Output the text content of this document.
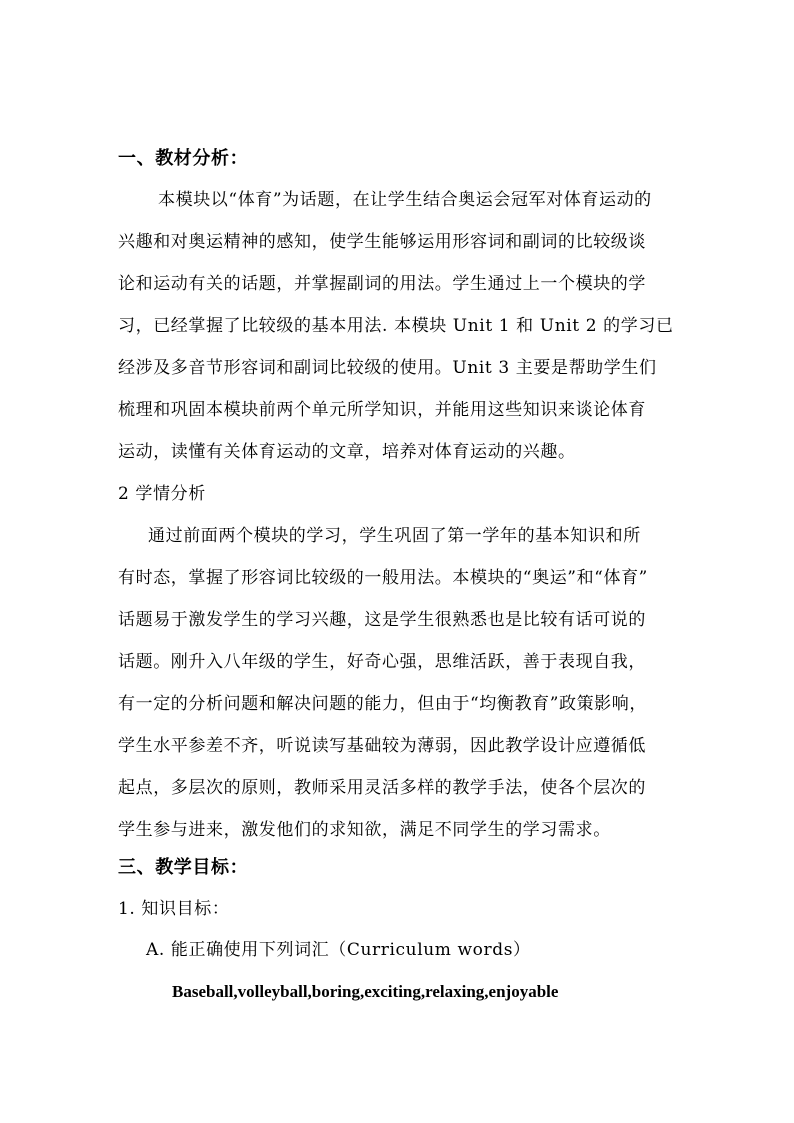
一、教材分析：
本模块以“体育”为话题，在让学生结合奥运会冠军对体育运动的
兴趣和对奥运精神的感知，使学生能够运用形容词和副词的比较级谈
论和运动有关的话题，并掌握副词的用法。学生通过上一个模块的学
习，已经掌握了比较级的基本用法. 本模块 Unit 1 和 Unit 2 的学习已
经涉及多音节形容词和副词比较级的使用。Unit 3 主要是帮助学生们
梳理和巩固本模块前两个单元所学知识，并能用这些知识来谈论体育
运动，读懂有关体育运动的文章，培养对体育运动的兴趣。
2 学情分析
通过前面两个模块的学习，学生巩固了第一学年的基本知识和所
有时态，掌握了形容词比较级的一般用法。本模块的“奥运”和“体育”
话题易于激发学生的学习兴趣，这是学生很熟悉也是比较有话可说的
话题。刚升入八年级的学生，好奇心强，思维活跃，善于表现自我，
有一定的分析问题和解决问题的能力，但由于“均衡教育”政策影响，
学生水平参差不齐，听说读写基础较为薄弱，因此教学设计应遵循低
起点，多层次的原则，教师采用灵活多样的教学手法，使各个层次的
学生参与进来，激发他们的求知欲，满足不同学生的学习需求。
三、教学目标：
1. 知识目标：
A. 能正确使用下列词汇（Curriculum words）
Baseball,volleyball,boring,exciting,relaxing,enjoyable
